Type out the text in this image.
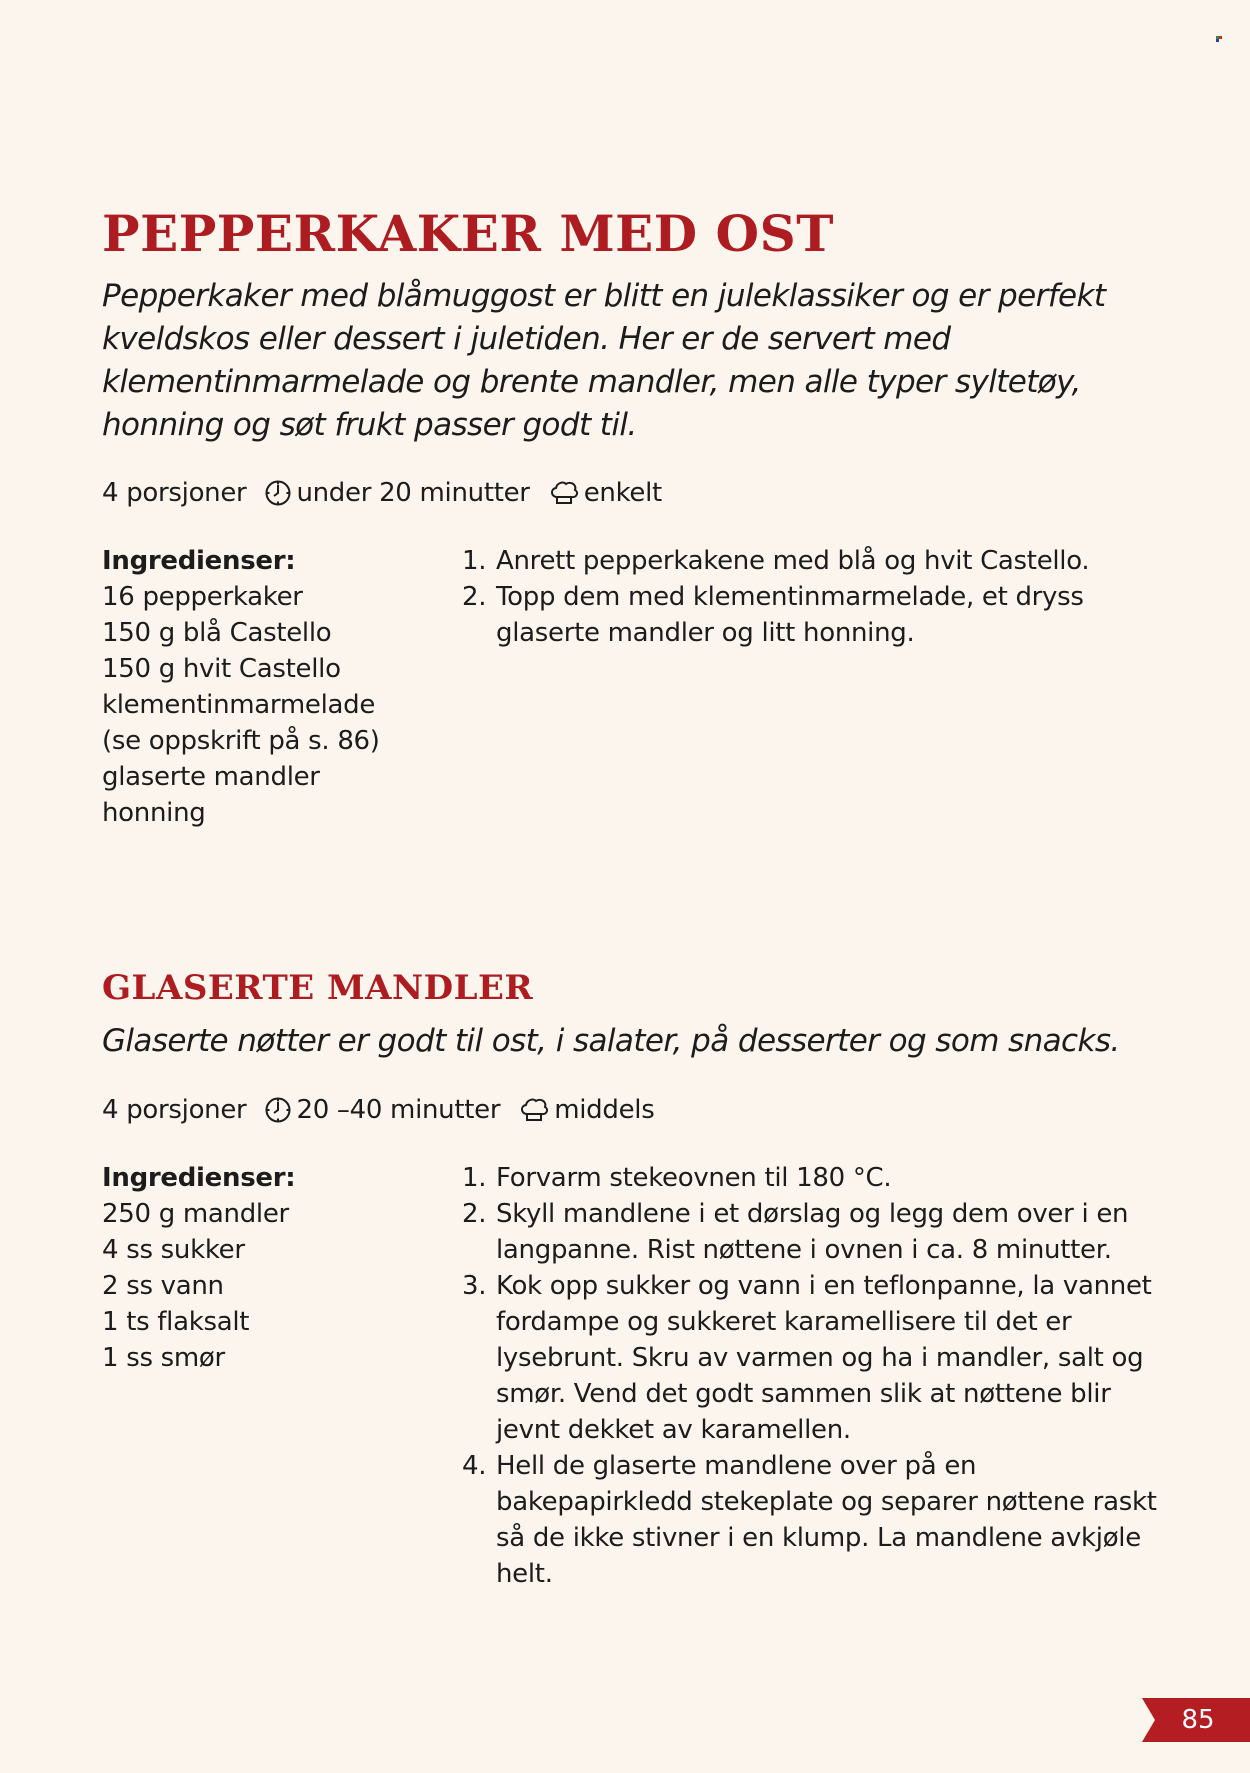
PEPPERKAKER MED OST

Pepperkaker med blåmuggost er blitt en juleklassiker og er perfekt kveldskos eller dessert i juletiden. Her er de servert med klementinmarmelade og brente mandler, men alle typer syltetøy, honning og søt frukt passer godt til.

4 porsjoner under 20 minutter enkelt
Ingredienser:
16 pepperkaker
150 g blå Castello
150 g hvit Castello
klementinmarmelade
(se oppskrift på s. 86)
glaserte mandler
honning
1. Anrett pepperkakene med blå og hvit Castello.
2. Topp dem med klementinmarmelade, et dryss glaserte mandler og litt honning.
GLASERTE MANDLER

Glaserte nøtter er godt til ost, i salater, på desserter og som snacks.

4 porsjoner 20 –40 minutter middels
Ingredienser:
250 g mandler
4 ss sukker
2 ss vann
1 ts flaksalt
1 ss smør
1. Forvarm stekeovnen til 180 °C.
2. Skyll mandlene i et dørslag og legg dem over i en langpanne. Rist nøttene i ovnen i ca. 8 minutter.
3. Kok opp sukker og vann i en teflonpanne, la vannet fordampe og sukkeret karamellisere til det er lysebrunt. Skru av varmen og ha i mandler, salt og smør. Vend det godt sammen slik at nøttene blir jevnt dekket av karamellen.
4. Hell de glaserte mandlene over på en bakepapirkledd stekeplate og separer nøttene raskt så de ikke stivner i en klump. La mandlene avkjøle helt.
85
